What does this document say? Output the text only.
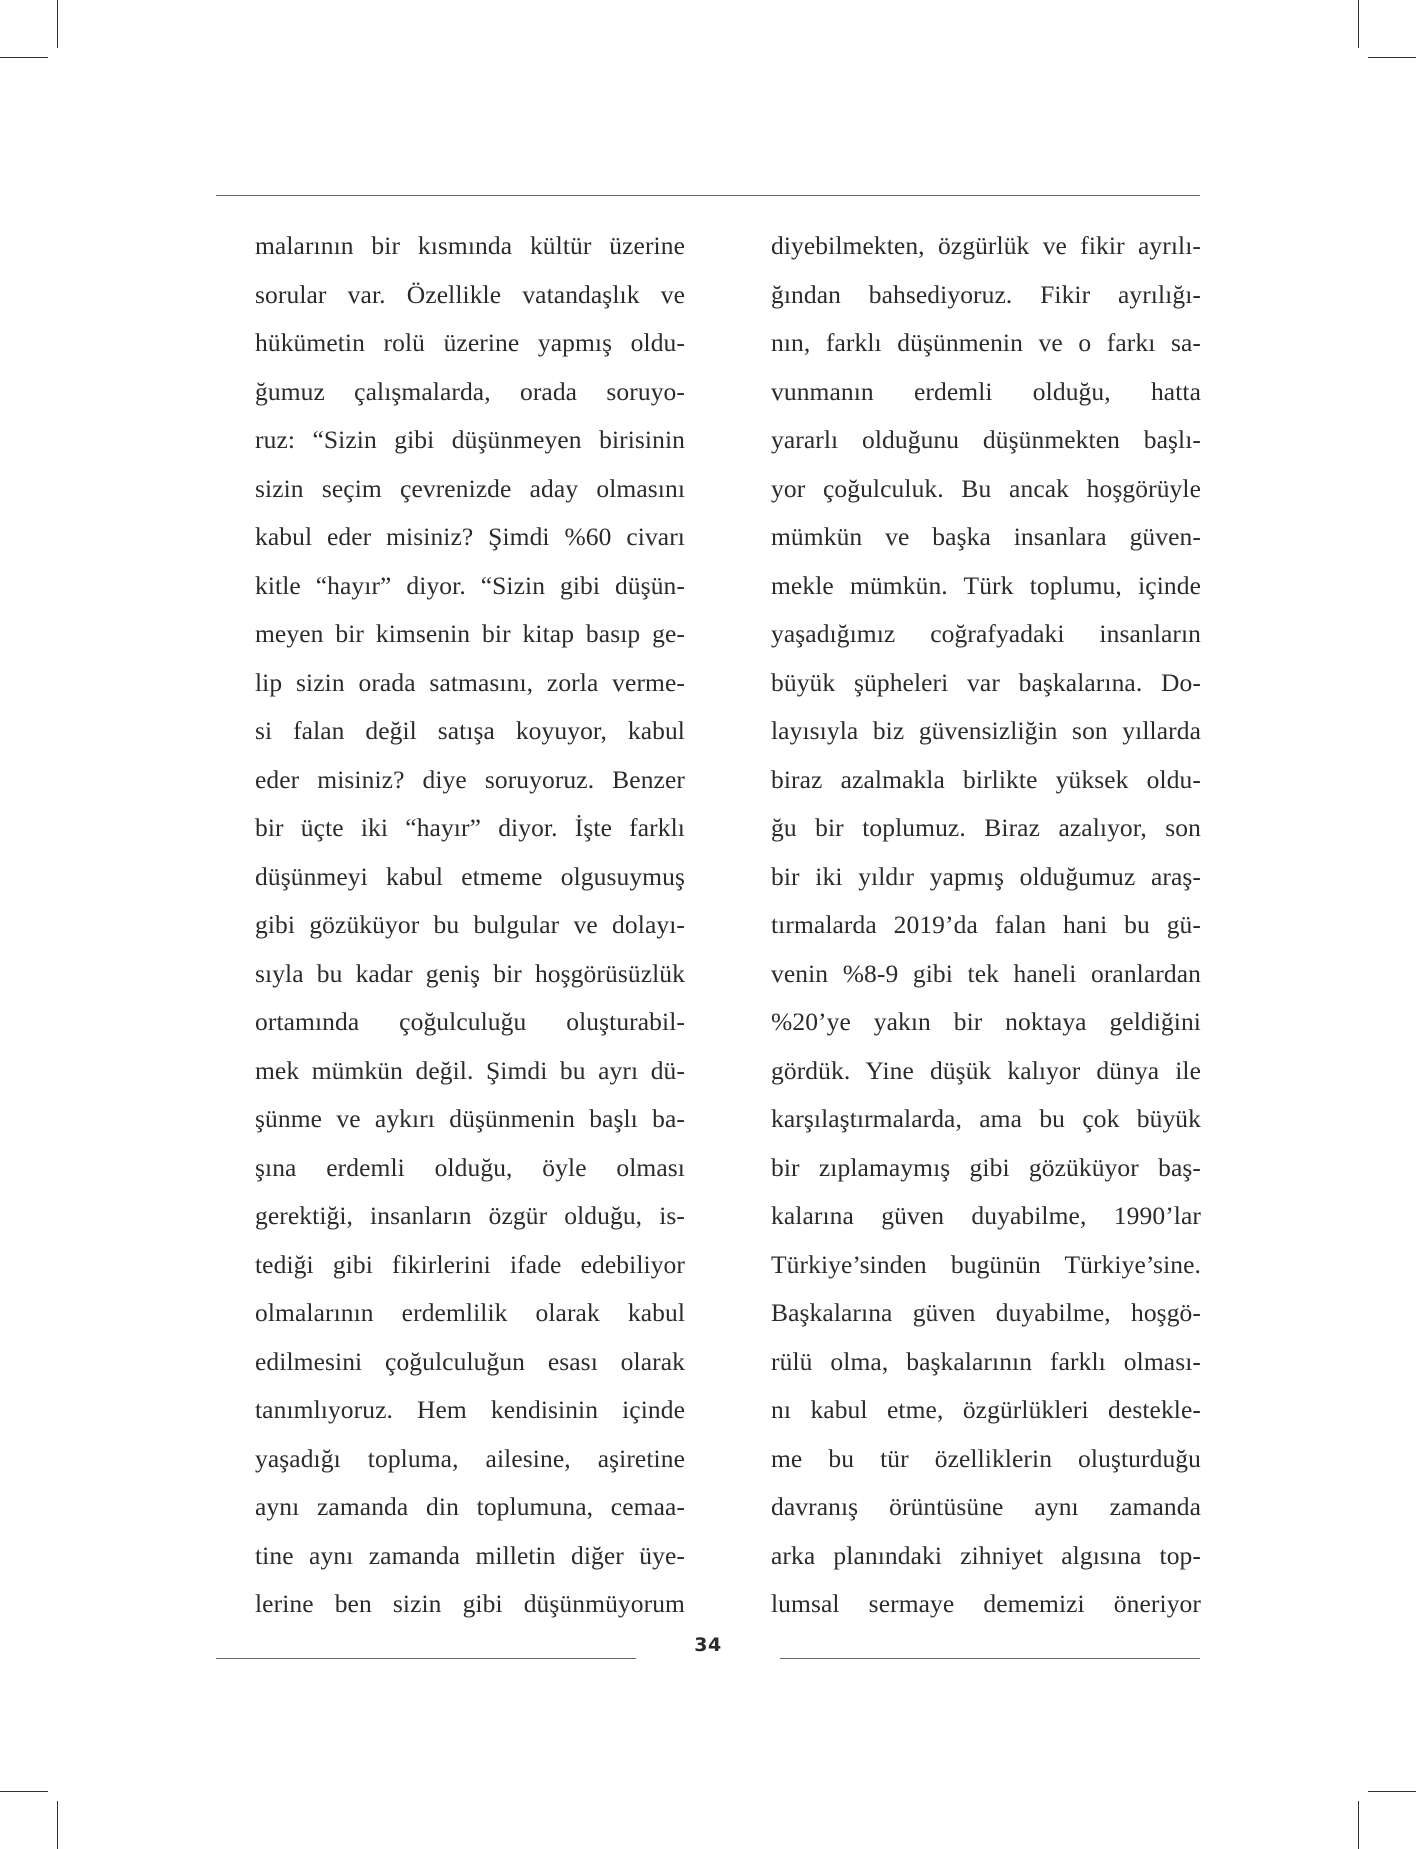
malarının bir kısmında kültür üzerine
sorular var. Özellikle vatandaşlık ve
hükümetin rolü üzerine yapmış oldu-
ğumuz çalışmalarda, orada soruyo-
ruz: “Sizin gibi düşünmeyen birisinin
sizin seçim çevrenizde aday olmasını
kabul eder misiniz? Şimdi %60 civarı
kitle “hayır” diyor. “Sizin gibi düşün-
meyen bir kimsenin bir kitap basıp ge-
lip sizin orada satmasını, zorla verme-
si falan değil satışa koyuyor, kabul
eder misiniz? diye soruyoruz. Benzer
bir üçte iki “hayır” diyor. İşte farklı
düşünmeyi kabul etmeme olgusuymuş
gibi gözüküyor bu bulgular ve dolayı-
sıyla bu kadar geniş bir hoşgörüsüzlük
ortamında çoğulculuğu oluşturabil-
mek mümkün değil. Şimdi bu ayrı dü-
şünme ve aykırı düşünmenin başlı ba-
şına erdemli olduğu, öyle olması
gerektiği, insanların özgür olduğu, is-
tediği gibi fikirlerini ifade edebiliyor
olmalarının erdemlilik olarak kabul
edilmesini çoğulculuğun esası olarak
tanımlıyoruz. Hem kendisinin içinde
yaşadığı topluma, ailesine, aşiretine
aynı zamanda din toplumuna, cemaa-
tine aynı zamanda milletin diğer üye-
lerine ben sizin gibi düşünmüyorum
diyebilmekten, özgürlük ve fikir ayrılı-
ğından bahsediyoruz. Fikir ayrılığı-
nın, farklı düşünmenin ve o farkı sa-
vunmanın erdemli olduğu, hatta
yararlı olduğunu düşünmekten başlı-
yor çoğulculuk. Bu ancak hoşgörüyle
mümkün ve başka insanlara güven-
mekle mümkün. Türk toplumu, içinde
yaşadığımız coğrafyadaki insanların
büyük şüpheleri var başkalarına. Do-
layısıyla biz güvensizliğin son yıllarda
biraz azalmakla birlikte yüksek oldu-
ğu bir toplumuz. Biraz azalıyor, son
bir iki yıldır yapmış olduğumuz araş-
tırmalarda 2019’da falan hani bu gü-
venin %8-9 gibi tek haneli oranlardan
%20’ye yakın bir noktaya geldiğini
gördük. Yine düşük kalıyor dünya ile
karşılaştırmalarda, ama bu çok büyük
bir zıplamaymış gibi gözüküyor baş-
kalarına güven duyabilme, 1990’lar
Türkiye’sinden bugünün Türkiye’sine.
Başkalarına güven duyabilme, hoşgö-
rülü olma, başkalarının farklı olması-
nı kabul etme, özgürlükleri destekle-
me bu tür özelliklerin oluşturduğu
davranış örüntüsüne aynı zamanda
arka planındaki zihniyet algısına top-
lumsal sermaye dememizi öneriyor
34
